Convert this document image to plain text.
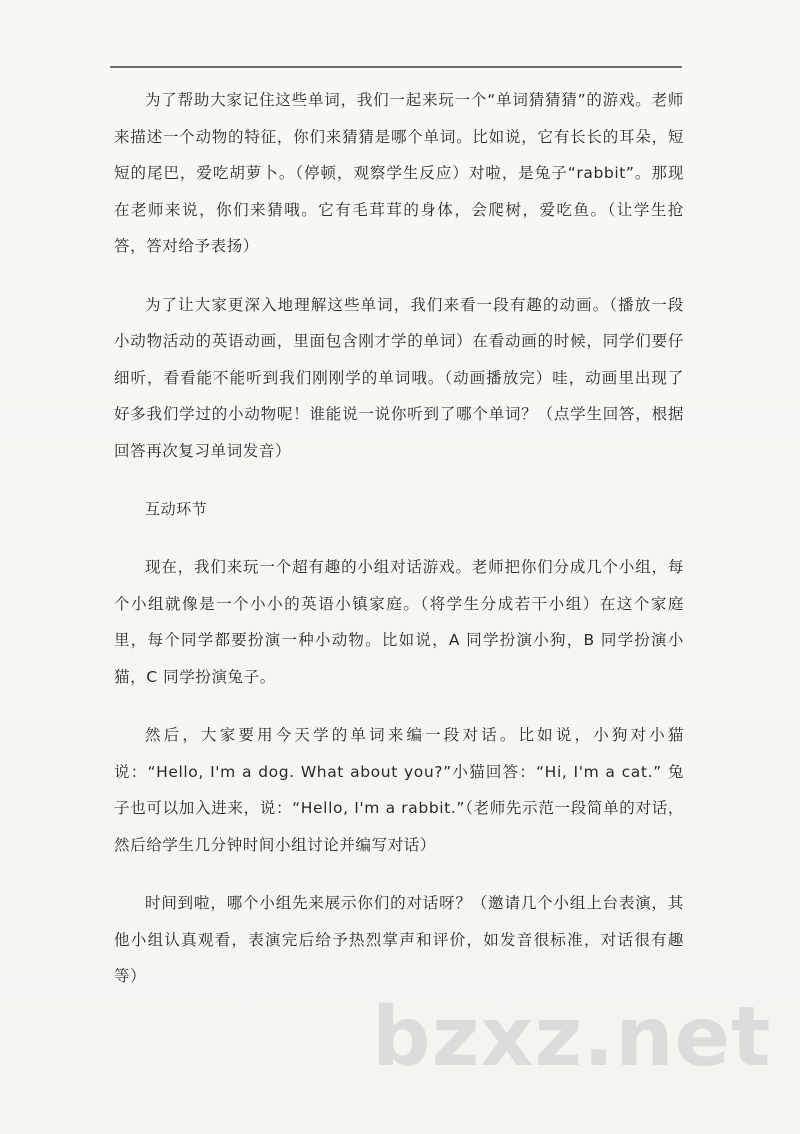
为了帮助大家记住这些单词，我们一起来玩一个“单词猜猜猜”的游戏。老师来描述一个动物的特征，你们来猜猜是哪个单词。比如说，它有长长的耳朵，短短的尾巴，爱吃胡萝卜。（停顿，观察学生反应）对啦，是兔子“rabbit”。那现在老师来说，你们来猜哦。它有毛茸茸的身体，会爬树，爱吃鱼。（让学生抢答，答对给予表扬）

为了让大家更深入地理解这些单词，我们来看一段有趣的动画。（播放一段小动物活动的英语动画，里面包含刚才学的单词）在看动画的时候，同学们要仔细听，看看能不能听到我们刚刚学的单词哦。（动画播放完）哇，动画里出现了好多我们学过的小动物呢！谁能说一说你听到了哪个单词？（点学生回答，根据回答再次复习单词发音）

互动环节

现在，我们来玩一个超有趣的小组对话游戏。老师把你们分成几个小组，每个小组就像是一个小小的英语小镇家庭。（将学生分成若干小组）在这个家庭里，每个同学都要扮演一种小动物。比如说，A 同学扮演小狗，B 同学扮演小猫，C 同学扮演兔子。

然后，大家要用今天学的单词来编一段对话。比如说，小狗对小猫说：“Hello, I'm a dog. What about you?”小猫回答：“Hi, I'm a cat.” 兔子也可以加入进来，说：“Hello, I'm a rabbit.”（老师先示范一段简单的对话，然后给学生几分钟时间小组讨论并编写对话）

时间到啦，哪个小组先来展示你们的对话呀？（邀请几个小组上台表演，其他小组认真观看，表演完后给予热烈掌声和评价，如发音很标准，对话很有趣等）

bzxz.net
